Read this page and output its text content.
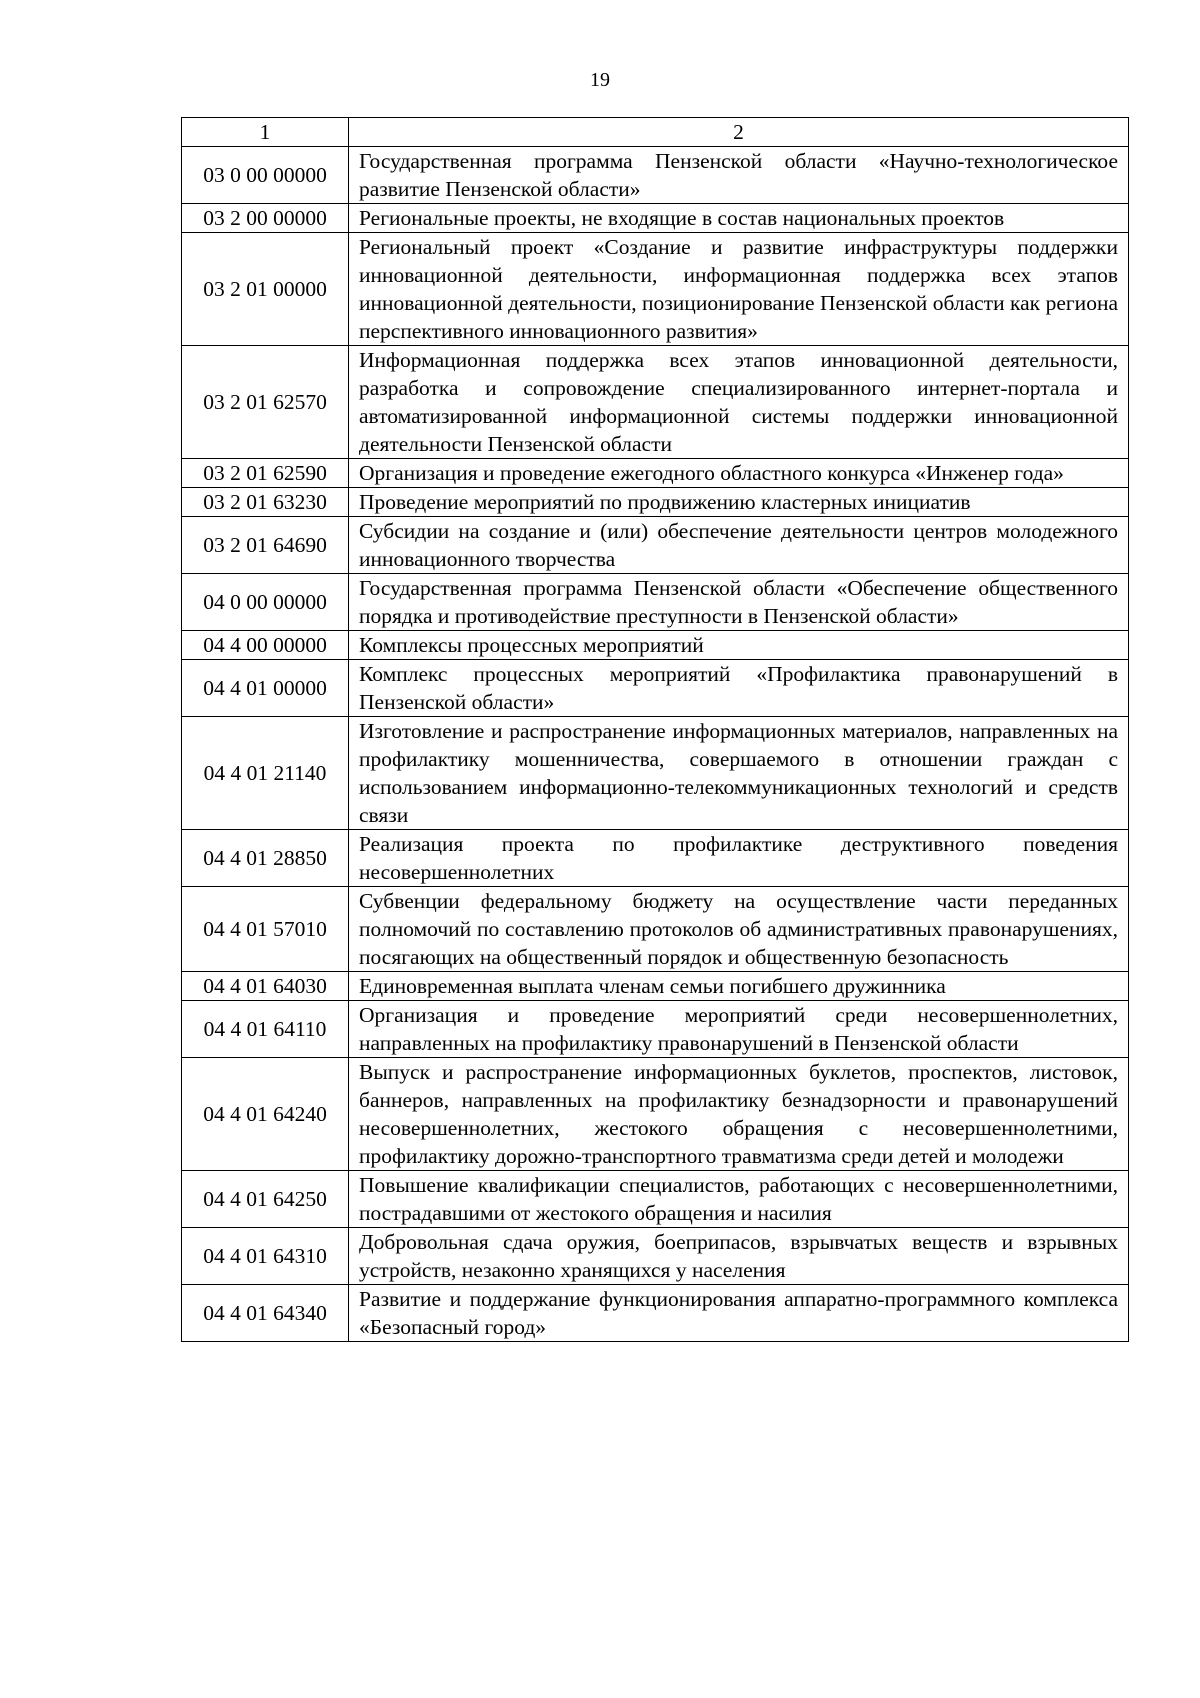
19
1	2
03 0 00 00000	Государственная программа Пензенской области «Научно-технологическое развитие Пензенской области»
03 2 00 00000	Региональные проекты, не входящие в состав национальных проектов
03 2 01 00000	Региональный проект «Создание и развитие инфраструктуры поддержки инновационной деятельности, информационная поддержка всех этапов инновационной деятельности, позиционирование Пензенской области как региона перспективного инновационного развития»
03 2 01 62570	Информационная поддержка всех этапов инновационной деятельности, разработка и сопровождение специализированного интернет-портала и автоматизированной информационной системы поддержки инновационной деятельности Пензенской области
03 2 01 62590	Организация и проведение ежегодного областного конкурса «Инженер года»
03 2 01 63230	Проведение мероприятий по продвижению кластерных инициатив
03 2 01 64690	Субсидии на создание и (или) обеспечение деятельности центров молодежного инновационного творчества
04 0 00 00000	Государственная программа Пензенской области «Обеспечение общественного порядка и противодействие преступности в Пензенской области»
04 4 00 00000	Комплексы процессных мероприятий
04 4 01 00000	Комплекс процессных мероприятий «Профилактика правонарушений в Пензенской области»
04 4 01 21140	Изготовление и распространение информационных материалов, направленных на профилактику мошенничества, совершаемого в отношении граждан с использованием информационно-телекоммуникационных технологий и средств связи
04 4 01 28850	Реализация проекта по профилактике деструктивного поведения несовершеннолетних
04 4 01 57010	Субвенции федеральному бюджету на осуществление части переданных полномочий по составлению протоколов об административных правонарушениях, посягающих на общественный порядок и общественную безопасность
04 4 01 64030	Единовременная выплата членам семьи погибшего дружинника
04 4 01 64110	Организация и проведение мероприятий среди несовершеннолетних, направленных на профилактику правонарушений в Пензенской области
04 4 01 64240	Выпуск и распространение информационных буклетов, проспектов, листовок, баннеров, направленных на профилактику безнадзорности и правонарушений несовершеннолетних, жестокого обращения с несовершеннолетними, профилактику дорожно-транспортного травматизма среди детей и молодежи
04 4 01 64250	Повышение квалификации специалистов, работающих с несовершеннолетними, пострадавшими от жестокого обращения и насилия
04 4 01 64310	Добровольная сдача оружия, боеприпасов, взрывчатых веществ и взрывных устройств, незаконно хранящихся у населения
04 4 01 64340	Развитие и поддержание функционирования аппаратно-программного комплекса «Безопасный город»
